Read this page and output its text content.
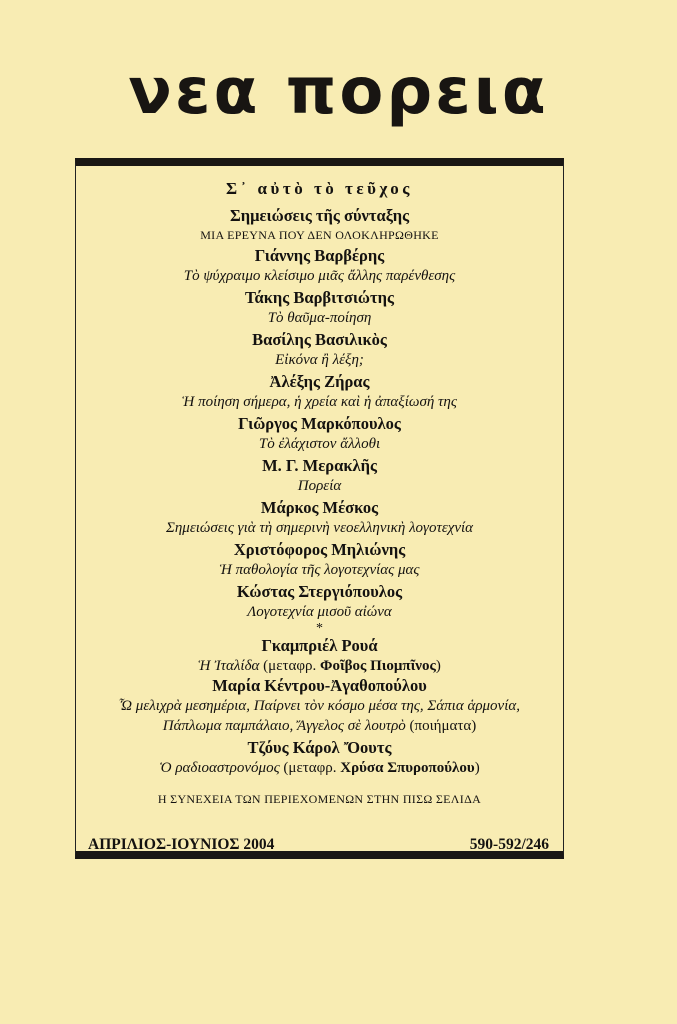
νεα πορεια
Σ᾽ αὐτὸ τὸ τεῦχος
Σημειώσεις τῆς σύνταξης
ΜΙΑ ΕΡΕΥΝΑ ΠΟΥ ΔΕΝ ΟΛΟΚΛΗΡΩΘΗΚΕ
Γιάννης Βαρβέρης
Τὸ ψύχραιμο κλείσιμο μιᾶς ἄλλης παρένθεσης
Τάκης Βαρβιτσιώτης
Τὸ θαῦμα-ποίηση
Βασίλης Βασιλικὸς
Εἰκόνα ἢ λέξη;
Ἀλέξης Ζήρας
Ἡ ποίηση σήμερα, ἡ χρεία καὶ ἡ ἀπαξίωσή της
Γιῶργος Μαρκόπουλος
Τὸ ἐλάχιστον ἄλλοθι
Μ. Γ. Μερακλῆς
Πορεία
Μάρκος Μέσκος
Σημειώσεις γιὰ τὴ σημερινὴ νεοελληνικὴ λογοτεχνία
Χριστόφορος Μηλιώνης
Ἡ παθολογία τῆς λογοτεχνίας μας
Κώστας Στεργιόπουλος
Λογοτεχνία μισοῦ αἰώνα
*
Γκαμπριέλ Ρουά
Ἡ Ἰταλίδα (μεταφρ. Φοῖβος Πιομπῖνος)
Μαρία Κέντρου-Ἀγαθοπούλου
Ὦ μελιχρὰ μεσημέρια, Παίρνει τὸν κόσμο μέσα της, Σάπια ἁρμονία,
Πάπλωμα παμπάλαιο, Ἄγγελος σὲ λουτρὸ (ποιήματα)
Τζόυς Κάρολ Ὄουτς
Ὁ ραδιοαστρονόμος (μεταφρ. Χρύσα Σπυροπούλου)
Η ΣΥΝΕΧΕΙΑ ΤΩΝ ΠΕΡΙΕΧΟΜΕΝΩΝ ΣΤΗΝ ΠΙΣΩ ΣΕΛΙΔΑ
ΑΠΡΙΛΙΟΣ-ΙΟΥΝΙΟΣ 2004	590-592/246
